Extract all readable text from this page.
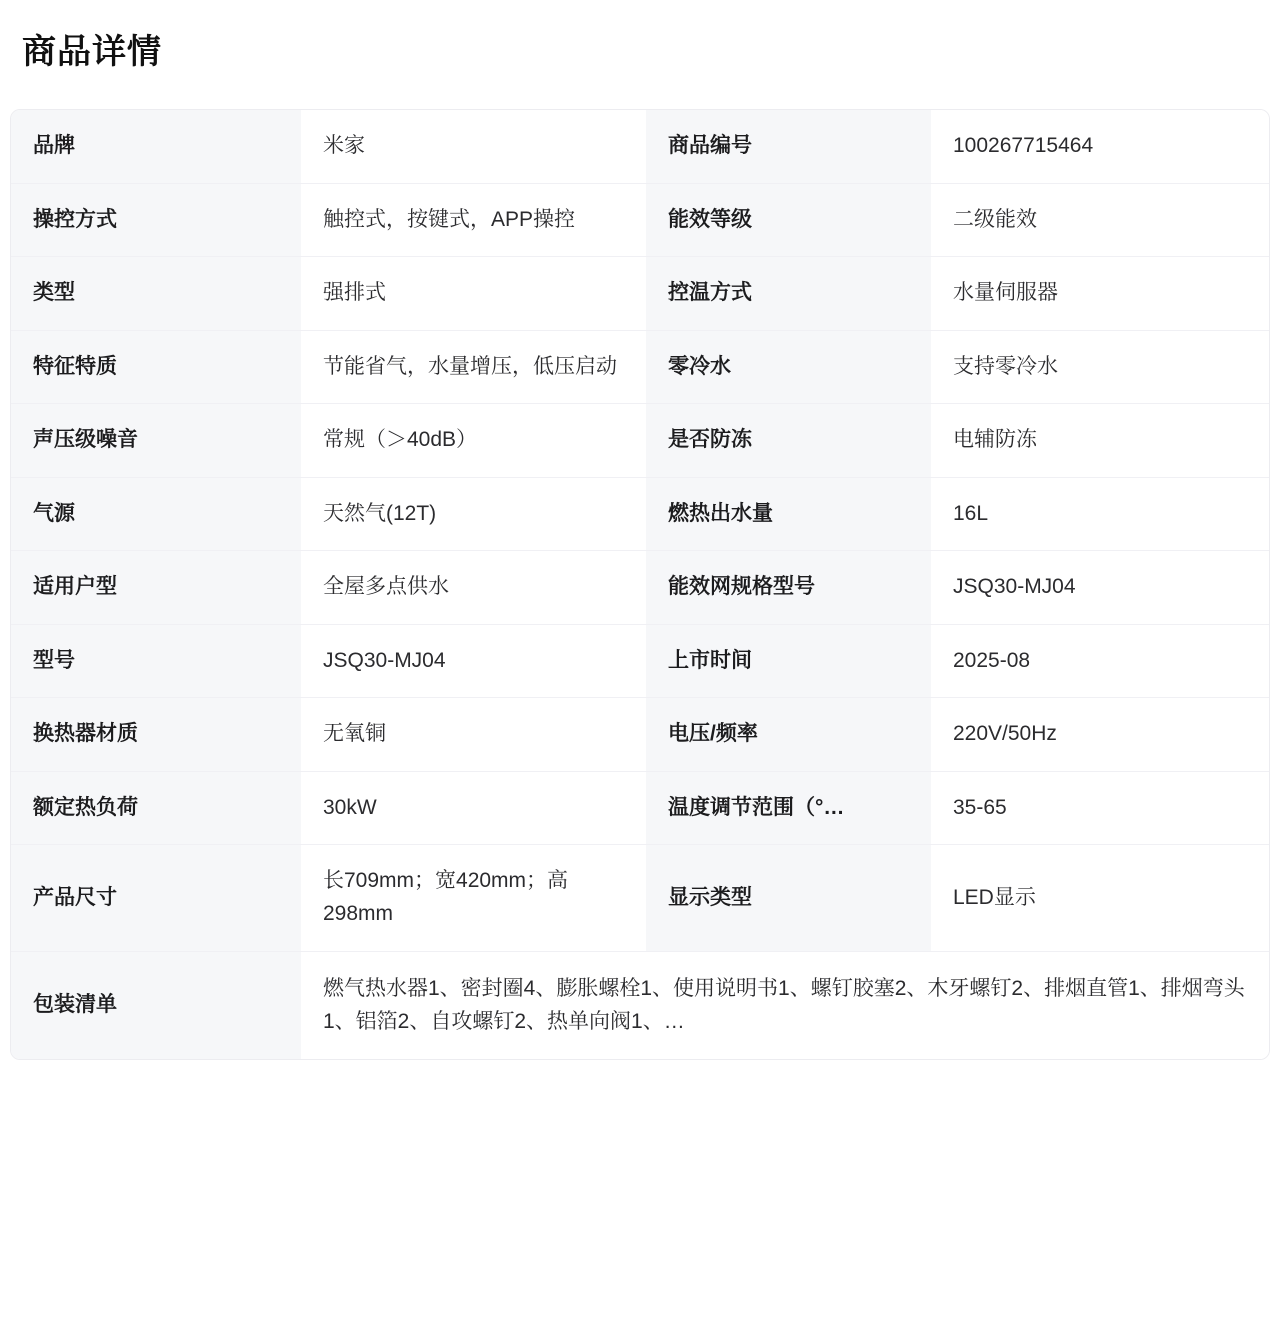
商品详情
品牌	米家	商品编号	100267715464
操控方式	触控式，按键式，APP操控	能效等级	二级能效
类型	强排式	控温方式	水量伺服器
特征特质	节能省气，水量增压，低压启动	零冷水	支持零冷水
声压级噪音	常规（＞40dB）	是否防冻	电辅防冻
气源	天然气(12T)	燃热出水量	16L
适用户型	全屋多点供水	能效网规格型号	JSQ30-MJ04
型号	JSQ30-MJ04	上市时间	2025-08
换热器材质	无氧铜	电压/频率	220V/50Hz
额定热负荷	30kW	温度调节范围（°…	35-65
产品尺寸	长709mm；宽420mm；高298mm	显示类型	LED显示
包装清单	燃气热水器1、密封圈4、膨胀螺栓1、使用说明书1、螺钉胶塞2、木牙螺钉2、排烟直管1、排烟弯头1、铝箔2、自攻螺钉2、热单向阀1、…		
